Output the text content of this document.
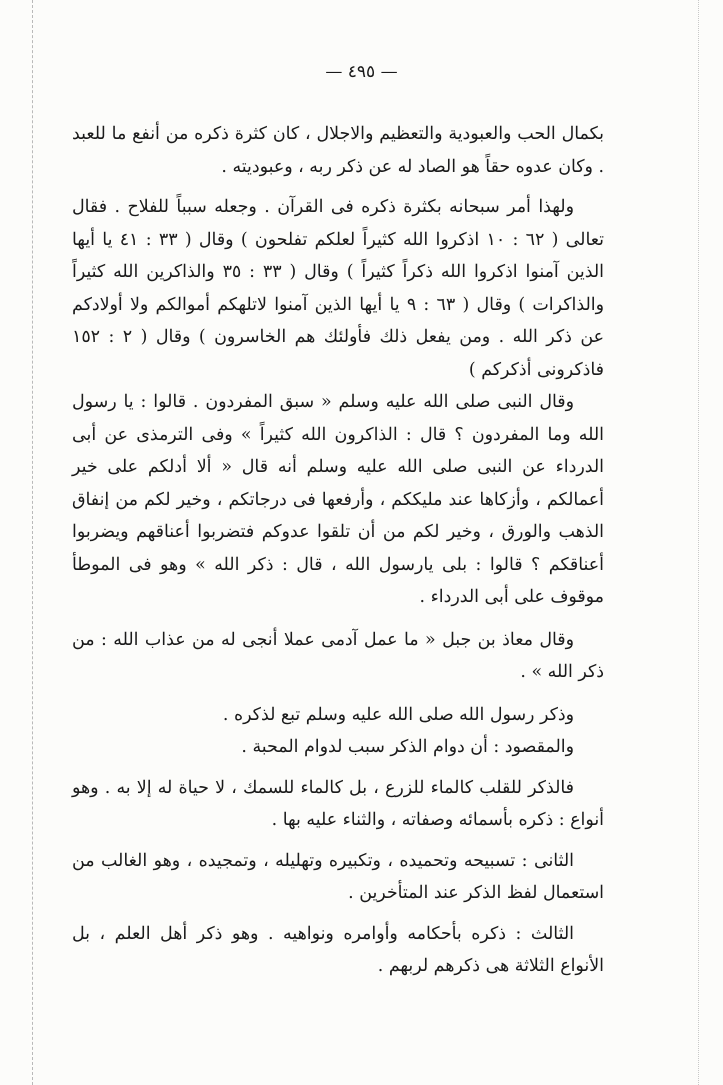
— ٤٩٥ —

بكمال الحب والعبودية والتعظيم والاجلال ، كان كثرة ذكره من أنفع ما للعبد . وكان عدوه حقاً هو الصاد له عن ذكر ربه ، وعبوديته .

ولهذا أمر سبحانه بكثرة ذكره فى القرآن . وجعله سبباً للفلاح . فقال تعالى ( ٦٢ : ١٠ اذكروا الله كثيراً لعلكم تفلحون ) وقال ( ٣٣ : ٤١ يا أيها الذين آمنوا اذكروا الله ذكراً كثيراً ) وقال ( ٣٣ : ٣٥ والذاكرين الله كثيراً والذاكرات ) وقال ( ٦٣ : ٩ يا أيها الذين آمنوا لاتلهكم أموالكم ولا أولادكم عن ذكر الله . ومن يفعل ذلك فأولئك هم الخاسرون ) وقال ( ٢ : ١٥٢ فاذكرونى أذكركم )

وقال النبى صلى الله عليه وسلم « سبق المفردون . قالوا : يا رسول الله وما المفردون ؟ قال : الذاكرون الله كثيراً » وفى الترمذى عن أبى الدرداء عن النبى صلى الله عليه وسلم أنه قال « ألا أدلكم على خير أعمالكم ، وأزكاها عند مليككم ، وأرفعها فى درجاتكم ، وخير لكم من إنفاق الذهب والورق ، وخير لكم من أن تلقوا عدوكم فتضربوا أعناقهم ويضربوا أعناقكم ؟ قالوا : بلى يارسول الله ، قال : ذكر الله » وهو فى الموطأ موقوف على أبى الدرداء .

وقال معاذ بن جبل « ما عمل آدمى عملا أنجى له من عذاب الله : من ذكر الله » .

وذكر رسول الله صلى الله عليه وسلم تبع لذكره .

والمقصود : أن دوام الذكر سبب لدوام المحبة .

فالذكر للقلب كالماء للزرع ، بل كالماء للسمك ، لا حياة له إلا به . وهو أنواع : ذكره بأسمائه وصفاته ، والثناء عليه بها .

الثانى : تسبيحه وتحميده ، وتكبيره وتهليله ، وتمجيده ، وهو الغالب من استعمال لفظ الذكر عند المتأخرين .

الثالث : ذكره بأحكامه وأوامره ونواهيه . وهو ذكر أهل العلم ، بل الأنواع الثلاثة هى ذكرهم لربهم .
